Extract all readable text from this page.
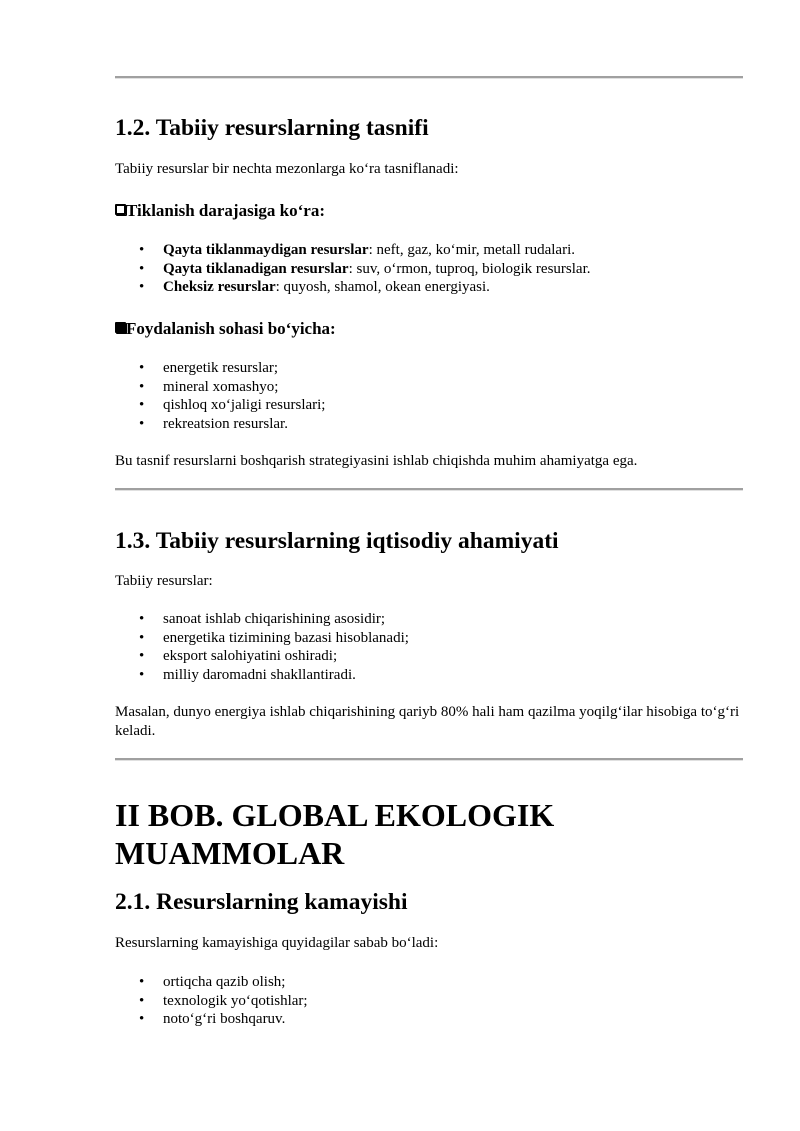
1.2. Tabiiy resurslarning tasnifi

Tabiiy resurslar bir nechta mezonlarga ko‘ra tasniflanadi:

Tiklanish darajasiga ko‘ra:
• Qayta tiklanmaydigan resurslar: neft, gaz, ko‘mir, metall rudalari.
• Qayta tiklanadigan resurslar: suv, o‘rmon, tuproq, biologik resurslar.
• Cheksiz resurslar: quyosh, shamol, okean energiyasi.
Foydalanish sohasi bo‘yicha:
• energetik resurslar;
• mineral xomashyo;
• qishloq xo‘jaligi resurslari;
• rekreatsion resurslar.

Bu tasnif resurslarni boshqarish strategiyasini ishlab chiqishda muhim ahamiyatga ega.

1.3. Tabiiy resurslarning iqtisodiy ahamiyati

Tabiiy resurslar:

• sanoat ishlab chiqarishining asosidir;
• energetika tizimining bazasi hisoblanadi;
• eksport salohiyatini oshiradi;
• milliy daromadni shakllantiradi.

Masalan, dunyo energiya ishlab chiqarishining qariyb 80% hali ham qazilma yoqilg‘ilar hisobiga to‘g‘ri keladi.

II BOB. GLOBAL EKOLOGIK MUAMMOLAR
2.1. Resurslarning kamayishi

Resurslarning kamayishiga quyidagilar sabab bo‘ladi:

• ortiqcha qazib olish;
• texnologik yo‘qotishlar;
• noto‘g‘ri boshqaruv.
